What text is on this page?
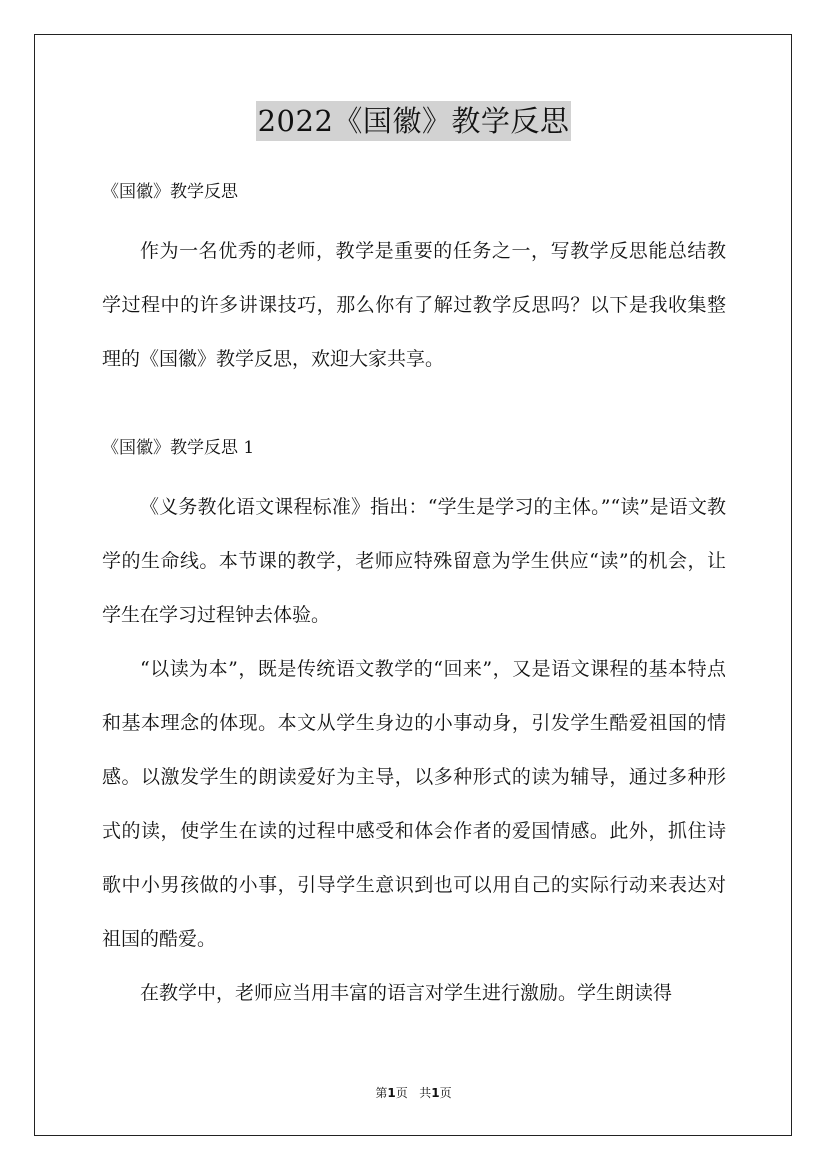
2022《国徽》教学反思

《国徽》教学反思

作为一名优秀的老师，教学是重要的任务之一，写教学反思能总结教学过程中的许多讲课技巧，那么你有了解过教学反思吗？以下是我收集整理的《国徽》教学反思，欢迎大家共享。

《国徽》教学反思 1

《义务教化语文课程标准》指出：“学生是学习的主体。”“读”是语文教学的生命线。本节课的教学，老师应特殊留意为学生供应“读”的机会，让学生在学习过程钟去体验。

“以读为本”，既是传统语文教学的“回来”，又是语文课程的基本特点和基本理念的体现。本文从学生身边的小事动身，引发学生酷爱祖国的情感。以激发学生的朗读爱好为主导，以多种形式的读为辅导，通过多种形式的读，使学生在读的过程中感受和体会作者的爱国情感。此外，抓住诗歌中小男孩做的小事，引导学生意识到也可以用自己的实际行动来表达对祖国的酷爱。

在教学中，老师应当用丰富的语言对学生进行激励。学生朗读得

第1页 共1页
